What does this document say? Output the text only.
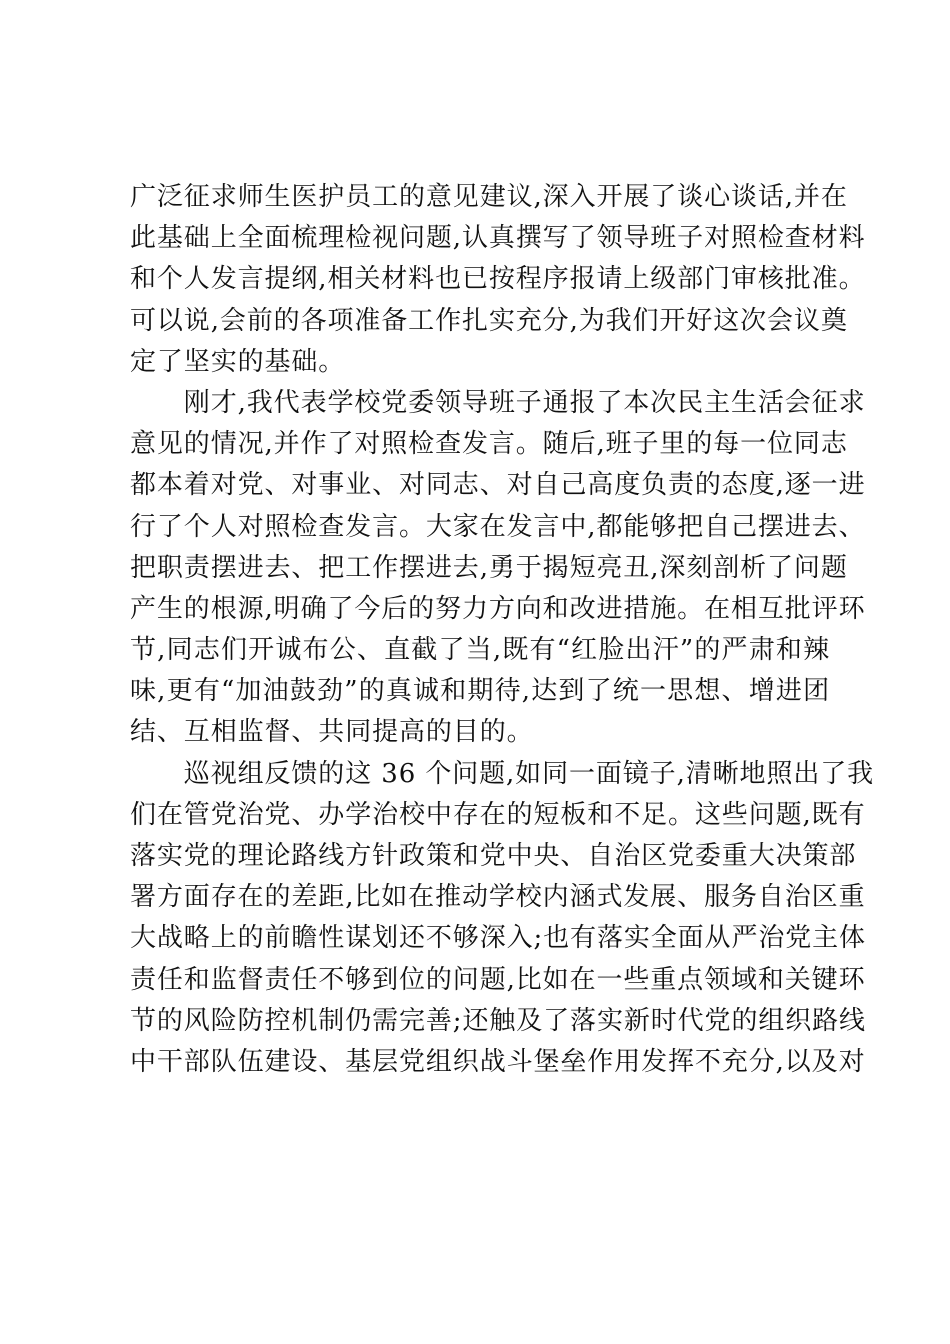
广泛征求师生医护员工的意见建议,深入开展了谈心谈话,并在
此基础上全面梳理检视问题,认真撰写了领导班子对照检查材料
和个人发言提纲,相关材料也已按程序报请上级部门审核批准。
可以说,会前的各项准备工作扎实充分,为我们开好这次会议奠
定了坚实的基础。
　　刚才,我代表学校党委领导班子通报了本次民主生活会征求
意见的情况,并作了对照检查发言。随后,班子里的每一位同志
都本着对党、对事业、对同志、对自己高度负责的态度,逐一进
行了个人对照检查发言。大家在发言中,都能够把自己摆进去、
把职责摆进去、把工作摆进去,勇于揭短亮丑,深刻剖析了问题
产生的根源,明确了今后的努力方向和改进措施。在相互批评环
节,同志们开诚布公、直截了当,既有“红脸出汗”的严肃和辣
味,更有“加油鼓劲”的真诚和期待,达到了统一思想、增进团
结、互相监督、共同提高的目的。
　　巡视组反馈的这 36 个问题,如同一面镜子,清晰地照出了我
们在管党治党、办学治校中存在的短板和不足。这些问题,既有
落实党的理论路线方针政策和党中央、自治区党委重大决策部
署方面存在的差距,比如在推动学校内涵式发展、服务自治区重
大战略上的前瞻性谋划还不够深入;也有落实全面从严治党主体
责任和监督责任不够到位的问题,比如在一些重点领域和关键环
节的风险防控机制仍需完善;还触及了落实新时代党的组织路线
中干部队伍建设、基层党组织战斗堡垒作用发挥不充分,以及对
